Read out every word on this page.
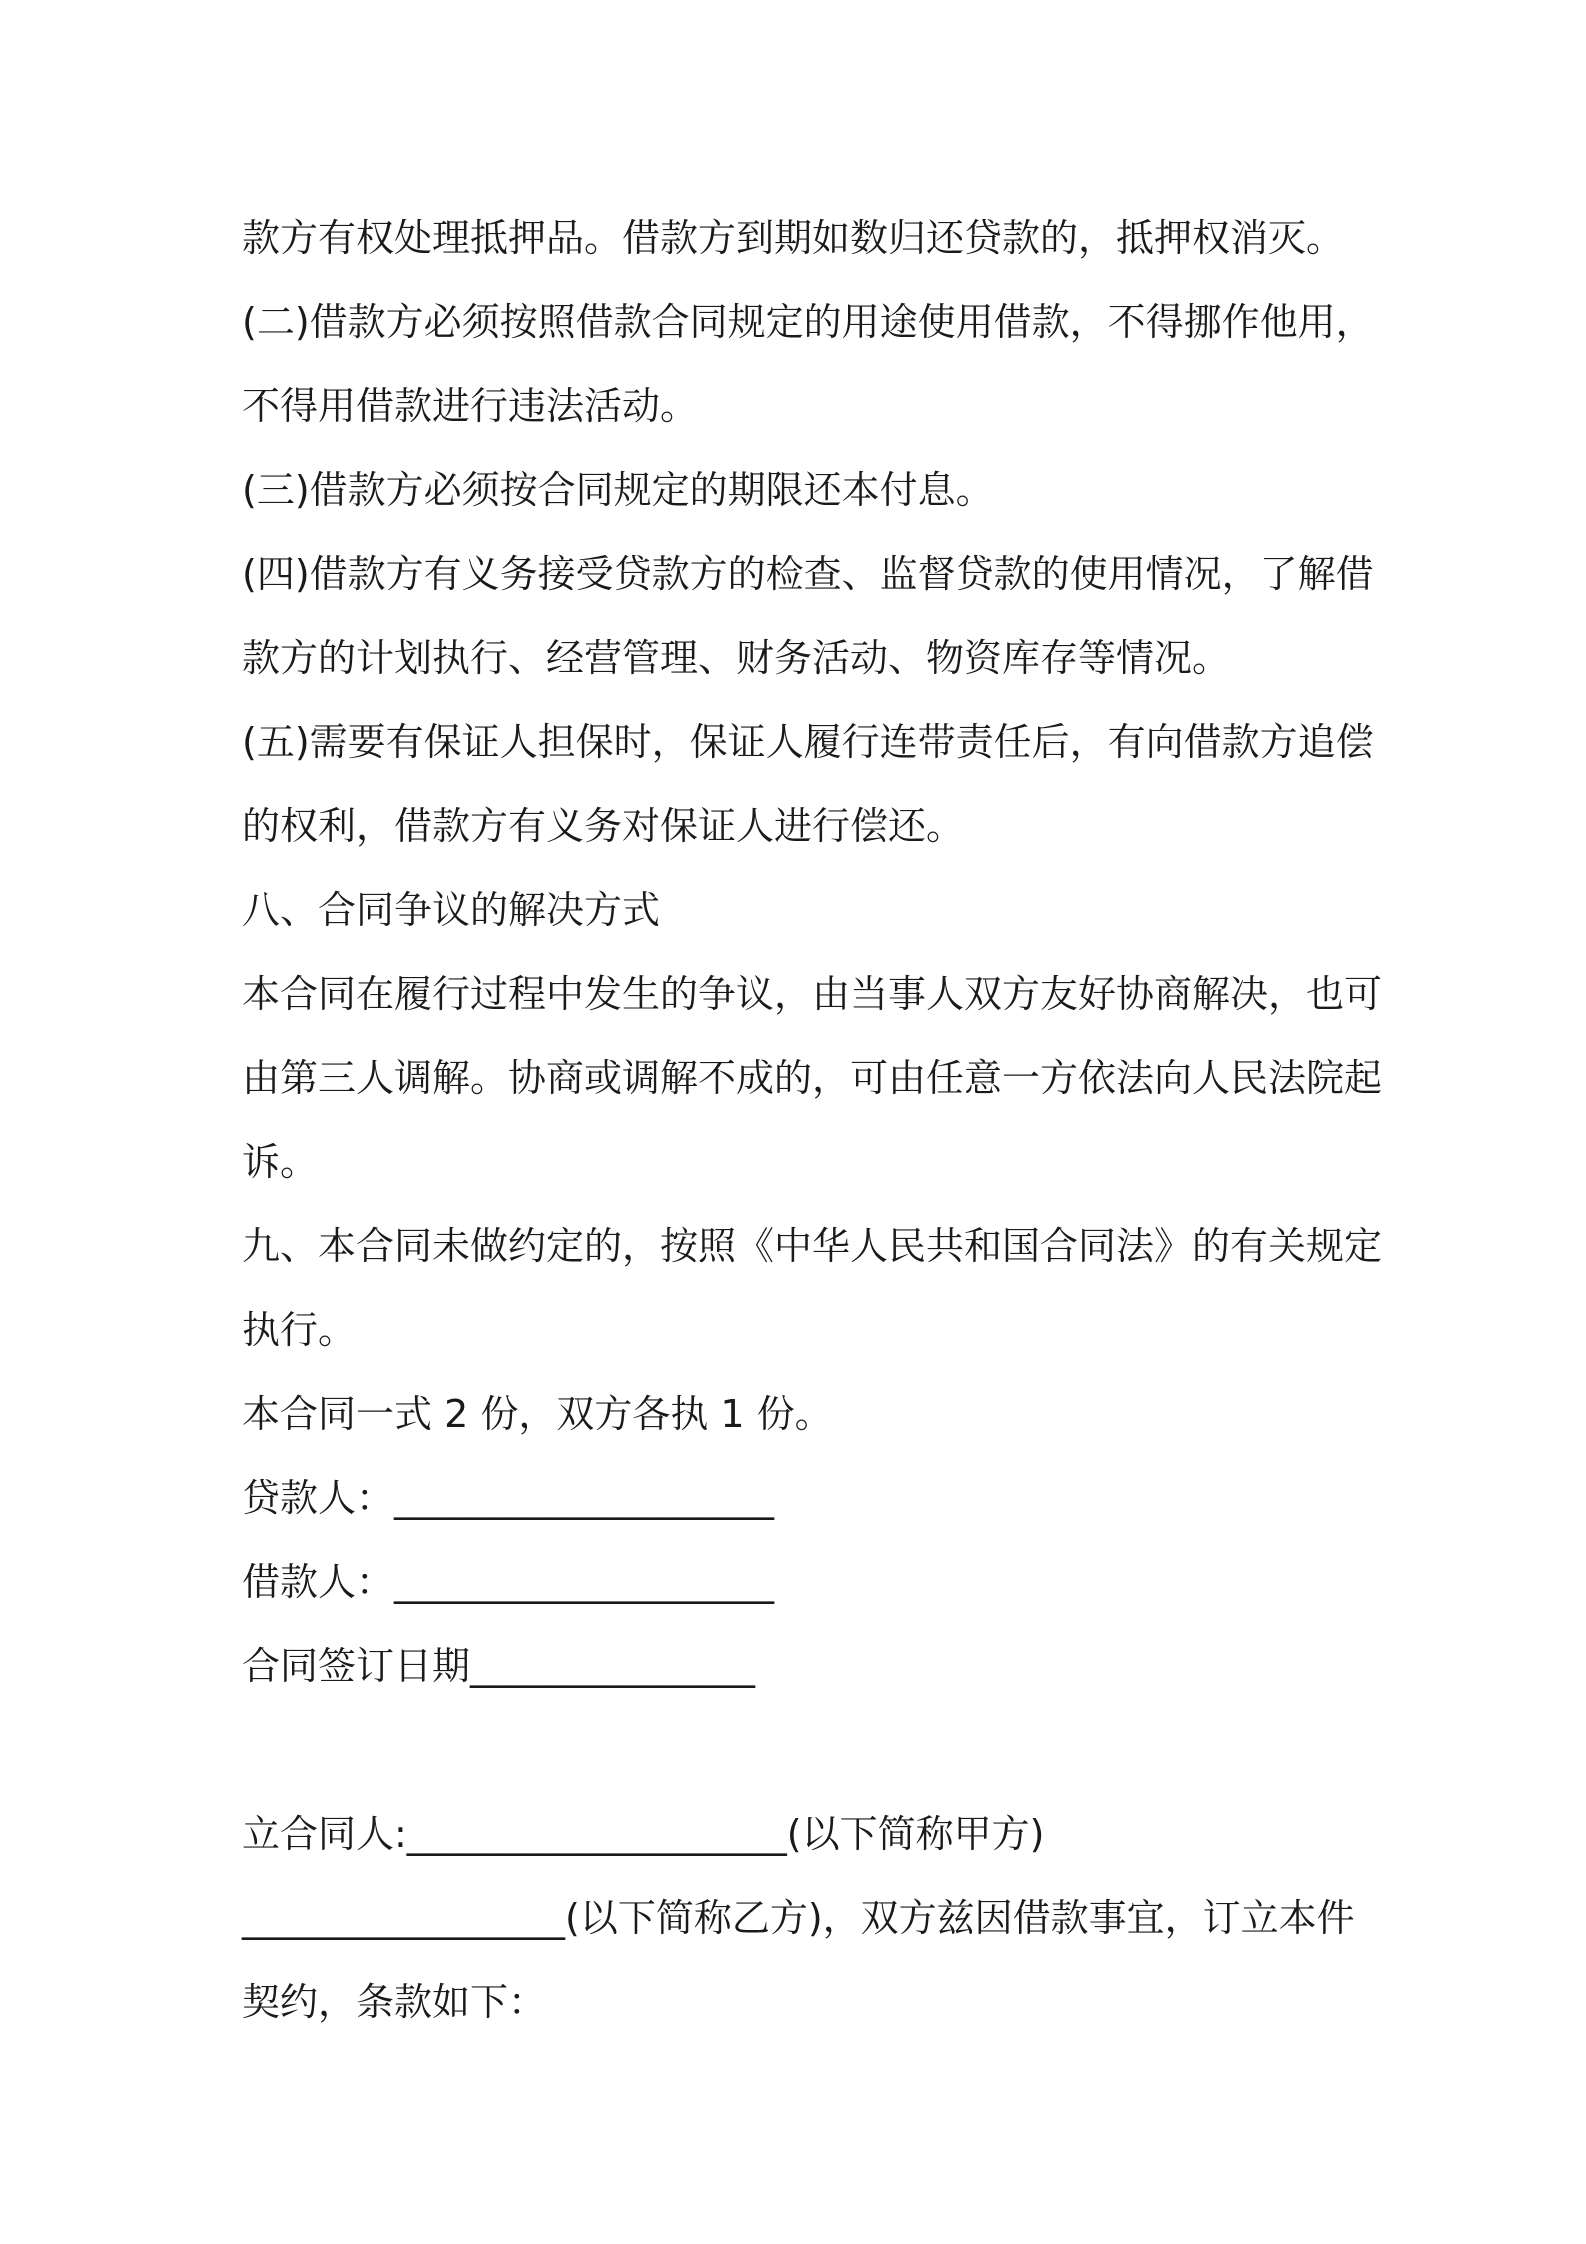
款方有权处理抵押品。借款方到期如数归还贷款的，抵押权消灭。

(二)借款方必须按照借款合同规定的用途使用借款，不得挪作他用，

不得用借款进行违法活动。

(三)借款方必须按合同规定的期限还本付息。

(四)借款方有义务接受贷款方的检查、监督贷款的使用情况，了解借

款方的计划执行、经营管理、财务活动、物资库存等情况。

(五)需要有保证人担保时，保证人履行连带责任后，有向借款方追偿

的权利，借款方有义务对保证人进行偿还。

八、合同争议的解决方式

本合同在履行过程中发生的争议，由当事人双方友好协商解决，也可

由第三人调解。协商或调解不成的，可由任意一方依法向人民法院起

诉。

九、本合同未做约定的，按照《中华人民共和国合同法》的有关规定

执行。

本合同一式 2 份，双方各执 1 份。

贷款人：____________________

借款人：____________________

合同签订日期_______________

立合同人:____________________(以下简称甲方)

_________________(以下简称乙方)，双方兹因借款事宜，订立本件

契约，条款如下：
